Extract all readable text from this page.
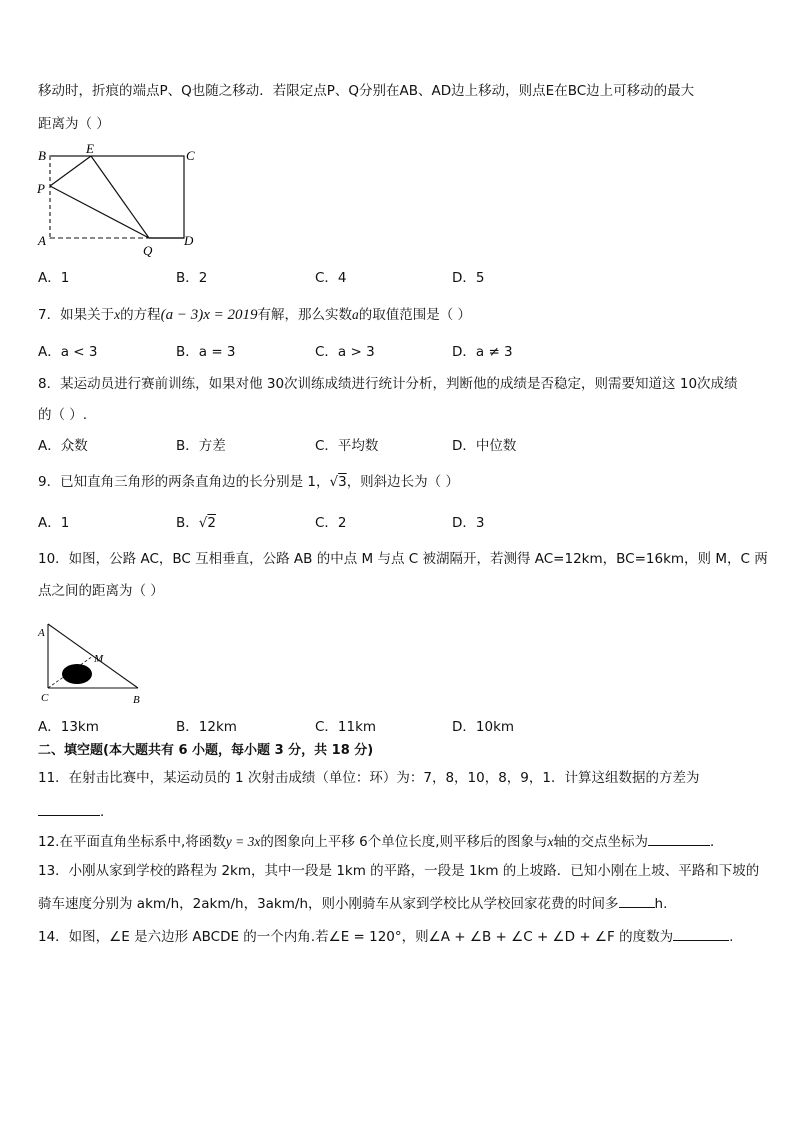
移动时，折痕的端点P、Q也随之移动．若限定点P、Q分别在AB、AD边上移动，则点E在BC边上可移动的最大
距离为（ ）
B	E	C
P
A
Q
D
A．1	B．2	C．4	D．5
7．如果关于x的方程(a − 3)x = 2019有解，那么实数a的取值范围是（ ）
A．a < 3	B．a = 3	C．a > 3	D．a ≠ 3
8．某运动员进行赛前训练，如果对他 30次训练成绩进行统计分析，判断他的成绩是否稳定，则需要知道这 10次成绩
的（ ）.
A．众数	B．方差	C．平均数	D．中位数
9．已知直角三角形的两条直角边的长分别是 1，√3，则斜边长为（ ）
A．1	B．√2	C．2	D．3
10．如图，公路 AC，BC 互相垂直，公路 AB 的中点 M 与点 C 被湖隔开，若测得 AC=12km，BC=16km，则 M，C 两
点之间的距离为（ ）
A
M
C	B
A．13km	B．12km	C．11km	D．10km
二、填空题(本大题共有 6 小题，每小题 3 分，共 18 分)
11．在射击比赛中，某运动员的 1 次射击成绩（单位：环）为：7，8，10，8，9，1．计算这组数据的方差为
．
12.在平面直角坐标系中,将函数y = 3x的图象向上平移 6个单位长度,则平移后的图象与x轴的交点坐标为	．
13．小刚从家到学校的路程为 2km，其中一段是 1km 的平路，一段是 1km 的上坡路．已知小刚在上坡、平路和下坡的
骑车速度分别为 akm/h，2akm/h，3akm/h，则小刚骑车从家到学校比从学校回家花费的时间多	h.
14．如图，∠E 是六边形 ABCDE 的一个内角.若∠E = 120°，则∠A + ∠B + ∠C + ∠D + ∠F 的度数为	.
